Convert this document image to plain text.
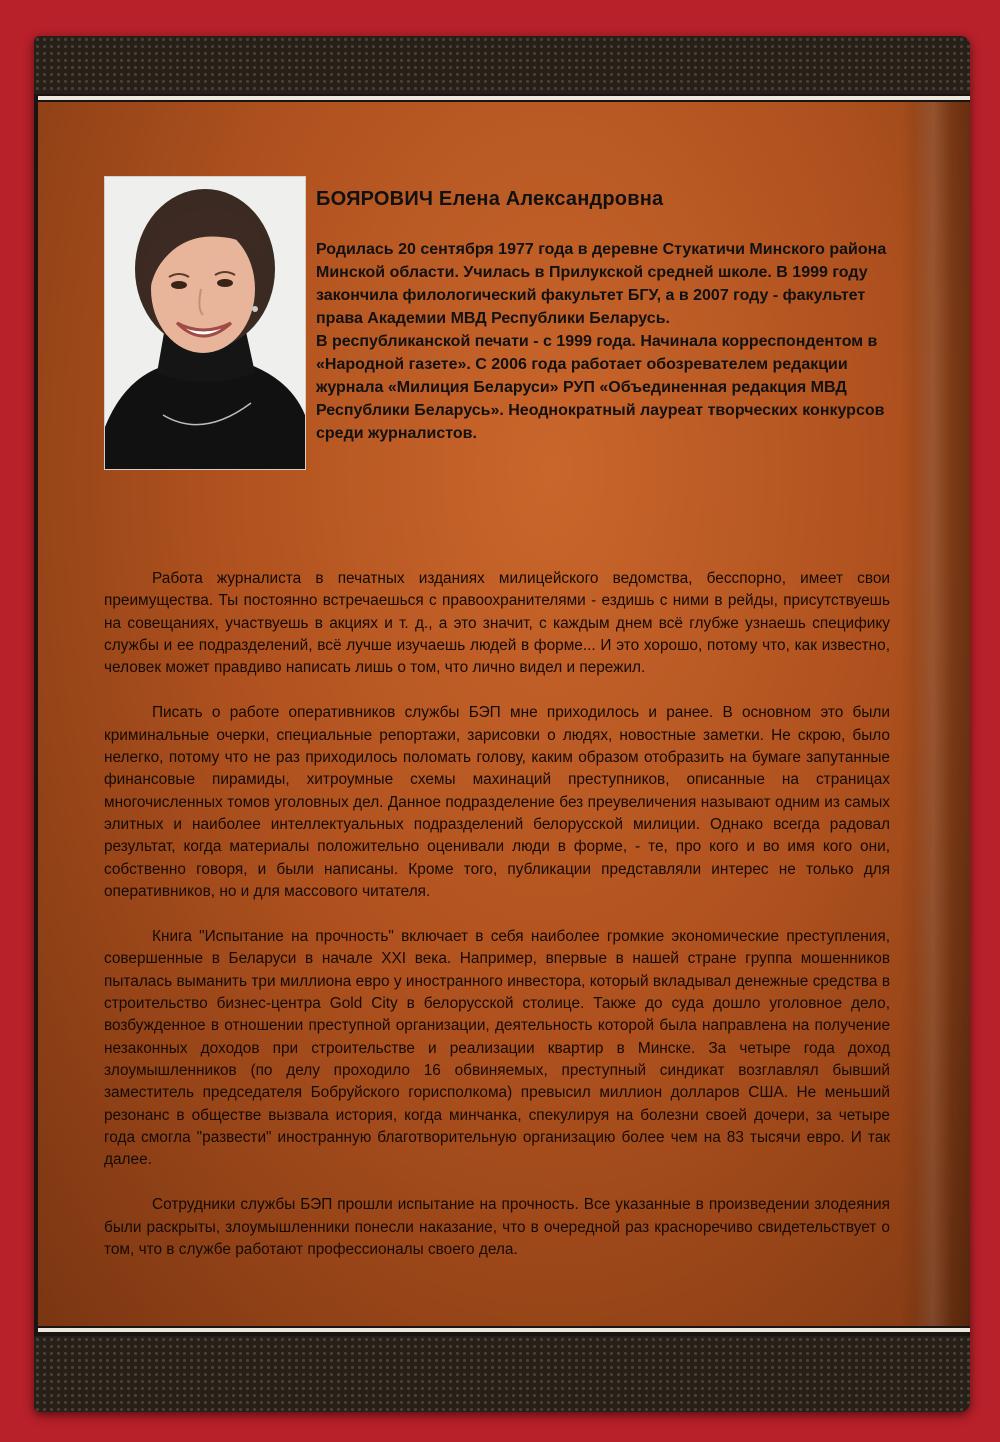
БОЯРОВИЧ Елена Александровна

Родилась 20 сентября 1977 года в деревне Стукатичи Минского района Минской области. Училась в Прилукской средней школе. В 1999 году закончила филологический факультет БГУ, а в 2007 году - факультет права Академии МВД Республики Беларусь.

В республиканской печати - с 1999 года. Начинала корреспондентом в «Народной газете». С 2006 года работает обозревателем редакции журнала «Милиция Беларуси» РУП «Объединенная редакция МВД Республики Беларусь». Неоднократный лауреат творческих конкурсов среди журналистов.

Работа журналиста в печатных изданиях милицейского ведомства, бесспорно, имеет свои преимущества. Ты постоянно встречаешься с правоохранителями - ездишь с ними в рейды, присутствуешь на совещаниях, участвуешь в акциях и т. д., а это значит, с каждым днем всё глубже узнаешь специфику службы и ее подразделений, всё лучше изучаешь людей в форме... И это хорошо, потому что, как известно, человек может правдиво написать лишь о том, что лично видел и пережил.

Писать о работе оперативников службы БЭП мне приходилось и ранее. В основном это были криминальные очерки, специальные репортажи, зарисовки о людях, новостные заметки. Не скрою, было нелегко, потому что не раз приходилось поломать голову, каким образом отобразить на бумаге запутанные финансовые пирамиды, хитроумные схемы махинаций преступников, описанные на страницах многочисленных томов уголовных дел. Данное подразделение без преувеличения называют одним из самых элитных и наиболее интеллектуальных подразделений белорусской милиции. Однако всегда радовал результат, когда материалы положительно оценивали люди в форме, - те, про кого и во имя кого они, собственно говоря, и были написаны. Кроме того, публикации представляли интерес не только для оперативников, но и для массового читателя.

Книга "Испытание на прочность" включает в себя наиболее громкие экономические преступления, совершенные в Беларуси в начале XXI века. Например, впервые в нашей стране группа мошенников пыталась выманить три миллиона евро у иностранного инвестора, который вкладывал денежные средства в строительство бизнес-центра Gold City в белорусской столице. Также до суда дошло уголовное дело, возбужденное в отношении преступной организации, деятельность которой была направлена на получение незаконных доходов при строительстве и реализации квартир в Минске. За четыре года доход злоумышленников (по делу проходило 16 обвиняемых, преступный синдикат возглавлял бывший заместитель председателя Бобруйского горисполкома) превысил миллион долларов США. Не меньший резонанс в обществе вызвала история, когда минчанка, спекулируя на болезни своей дочери, за четыре года смогла "развести" иностранную благотворительную организацию более чем на 83 тысячи евро. И так далее.

Сотрудники службы БЭП прошли испытание на прочность. Все указанные в произведении злодеяния были раскрыты, злоумышленники понесли наказание, что в очередной раз красноречиво свидетельствует о том, что в службе работают профессионалы своего дела.
